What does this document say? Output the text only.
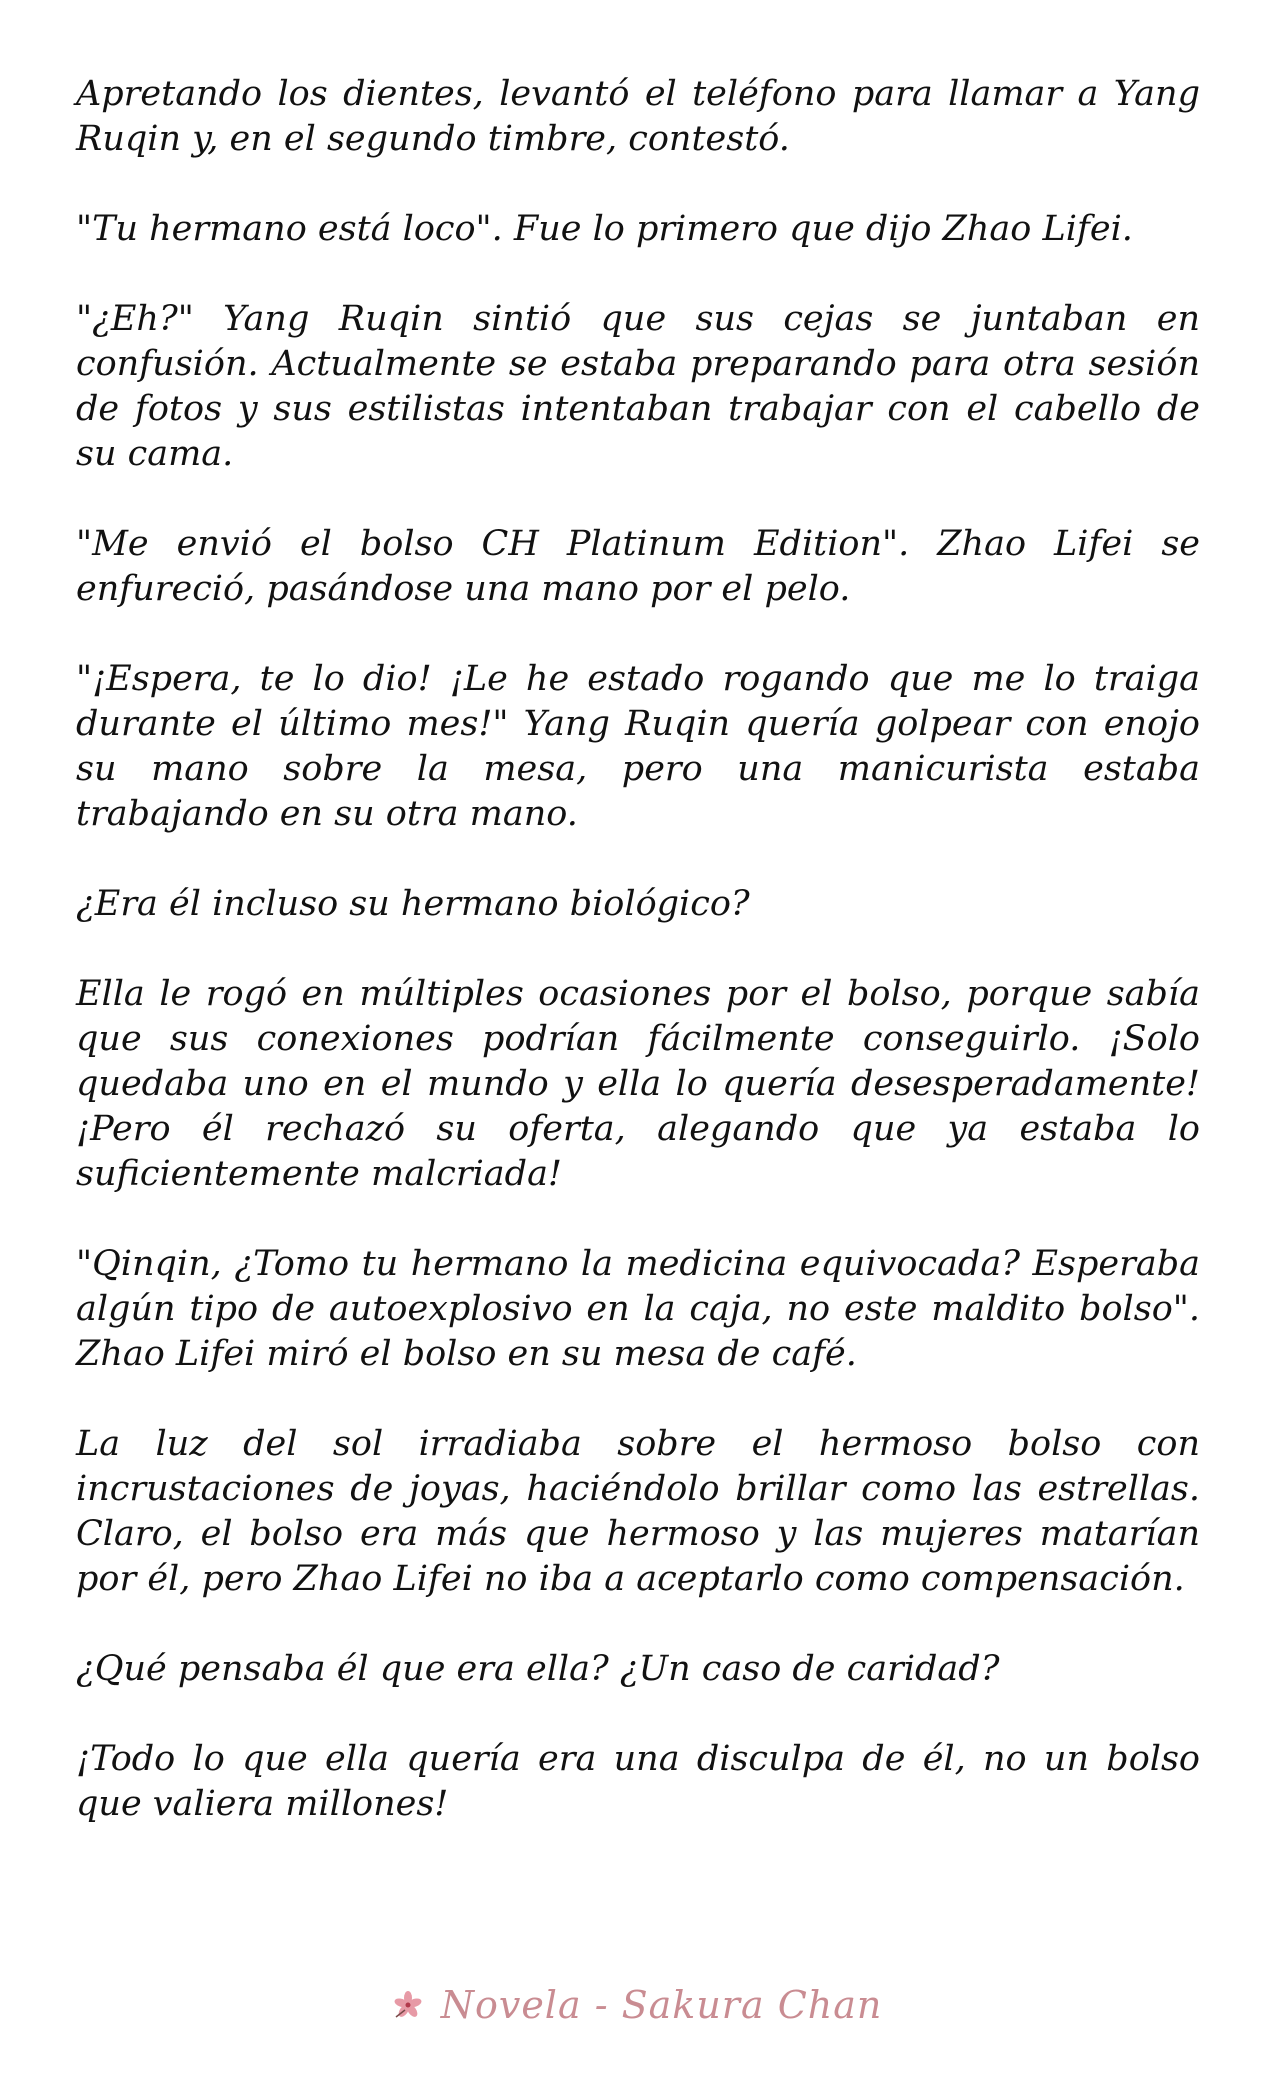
Apretando los dientes, levantó el teléfono para llamar a Yang Ruqin y, en el segundo timbre, contestó.

"Tu hermano está loco". Fue lo primero que dijo Zhao Lifei.

"¿Eh?" Yang Ruqin sintió que sus cejas se juntaban en confusión. Actualmente se estaba preparando para otra sesión de fotos y sus estilistas intentaban trabajar con el cabello de su cama.

"Me envió el bolso CH Platinum Edition". Zhao Lifei se enfureció, pasándose una mano por el pelo.

"¡Espera, te lo dio! ¡Le he estado rogando que me lo traiga durante el último mes!" Yang Ruqin quería golpear con enojo su mano sobre la mesa, pero una manicurista estaba trabajando en su otra mano.

¿Era él incluso su hermano biológico?

Ella le rogó en múltiples ocasiones por el bolso, porque sabía que sus conexiones podrían fácilmente conseguirlo. ¡Solo quedaba uno en el mundo y ella lo quería desesperadamente! ¡Pero él rechazó su oferta, alegando que ya estaba lo suficientemente malcriada!

"Qinqin, ¿Tomo tu hermano la medicina equivocada? Esperaba algún tipo de autoexplosivo en la caja, no este maldito bolso". Zhao Lifei miró el bolso en su mesa de café.

La luz del sol irradiaba sobre el hermoso bolso con incrustaciones de joyas, haciéndolo brillar como las estrellas. Claro, el bolso era más que hermoso y las mujeres matarían por él, pero Zhao Lifei no iba a aceptarlo como compensación.

¿Qué pensaba él que era ella? ¿Un caso de caridad?

¡Todo lo que ella quería era una disculpa de él, no un bolso que valiera millones!

Novela - Sakura Chan
